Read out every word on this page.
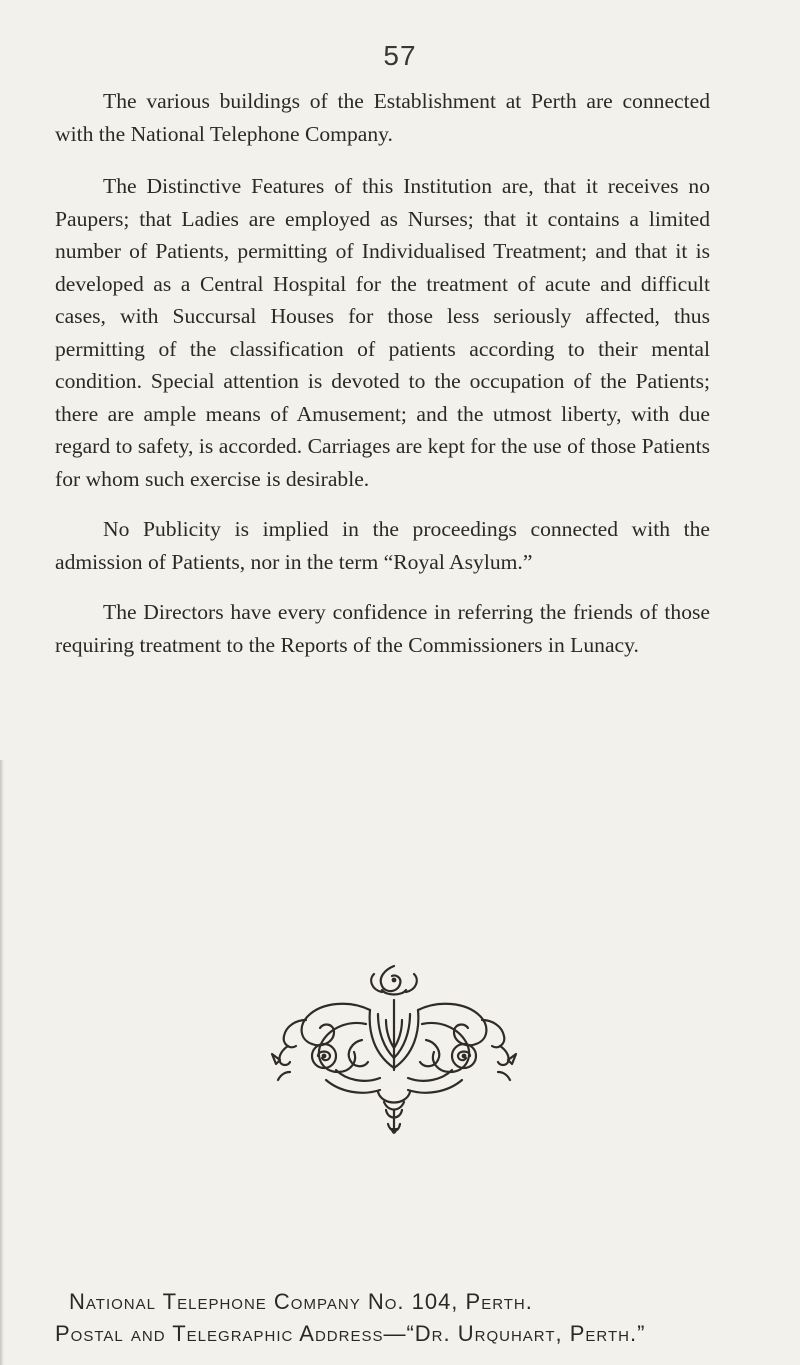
57

The various buildings of the Establishment at Perth are connected with the National Telephone Company.

The Distinctive Features of this Institution are, that it receives no Paupers; that Ladies are employed as Nurses; that it contains a limited number of Patients, permitting of Individualised Treatment; and that it is developed as a Central Hospital for the treatment of acute and difficult cases, with Succursal Houses for those less seriously affected, thus permitting of the classification of patients according to their mental condition. Special attention is devoted to the occupation of the Patients; there are ample means of Amusement; and the utmost liberty, with due regard to safety, is accorded. Carriages are kept for the use of those Patients for whom such exercise is desirable.

No Publicity is implied in the proceedings connected with the admission of Patients, nor in the term “Royal Asylum.”

The Directors have every confidence in referring the friends of those requiring treatment to the Reports of the Commissioners in Lunacy.

National Telephone Company No. 104, Perth.
Postal and Telegraphic Address—“Dr. Urquhart, Perth.”
